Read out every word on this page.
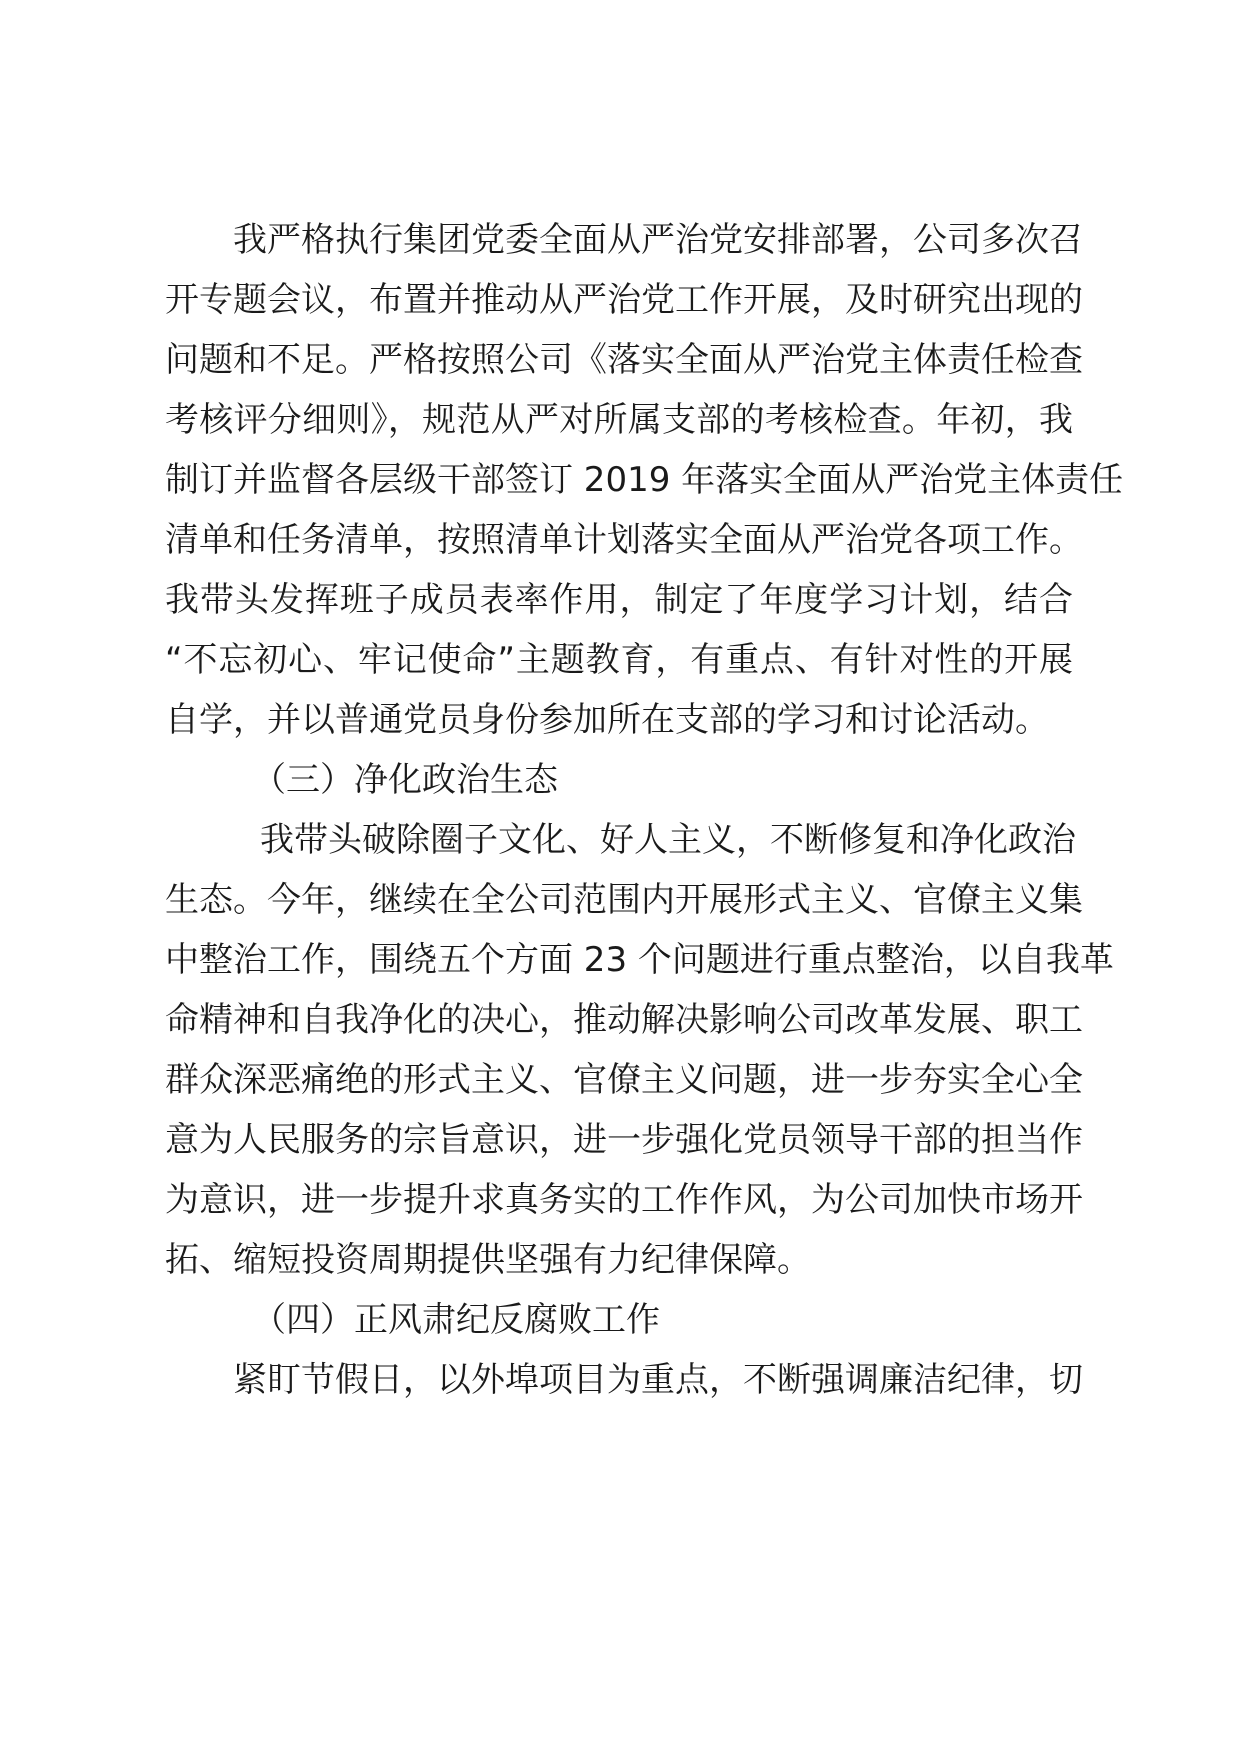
我严格执行集团党委全面从严治党安排部署，公司多次召
开专题会议，布置并推动从严治党工作开展，及时研究出现的
问题和不足。严格按照公司《落实全面从严治党主体责任检查
考核评分细则》，规范从严对所属支部的考核检查。年初，我
制订并监督各层级干部签订 2019 年落实全面从严治党主体责任
清单和任务清单，按照清单计划落实全面从严治党各项工作。
我带头发挥班子成员表率作用，制定了年度学习计划，结合
“不忘初心、牢记使命”主题教育，有重点、有针对性的开展
自学，并以普通党员身份参加所在支部的学习和讨论活动。
（三）净化政治生态
我带头破除圈子文化、好人主义，不断修复和净化政治
生态。今年，继续在全公司范围内开展形式主义、官僚主义集
中整治工作，围绕五个方面 23 个问题进行重点整治，以自我革
命精神和自我净化的决心，推动解决影响公司改革发展、职工
群众深恶痛绝的形式主义、官僚主义问题，进一步夯实全心全
意为人民服务的宗旨意识，进一步强化党员领导干部的担当作
为意识，进一步提升求真务实的工作作风，为公司加快市场开
拓、缩短投资周期提供坚强有力纪律保障。
（四）正风肃纪反腐败工作
紧盯节假日，以外埠项目为重点，不断强调廉洁纪律，切
